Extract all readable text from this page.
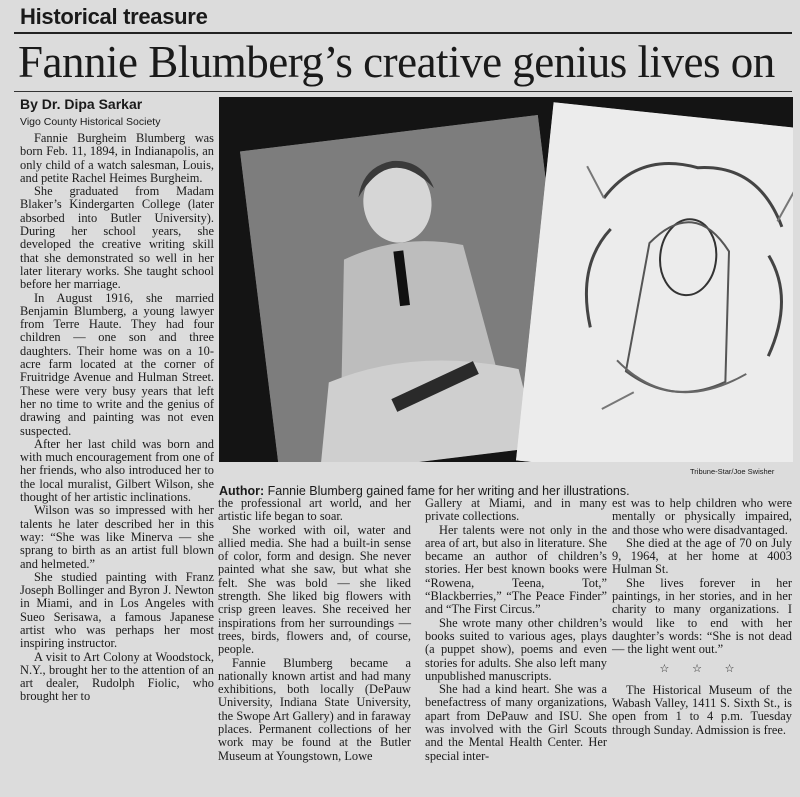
Historical treasure
Fannie Blumberg’s creative genius lives on
By Dr. Dipa Sarkar
Vigo County Historical Society

Fannie Burgheim Blumberg was born Feb. 11, 1894, in Indianapolis, an only child of a watch salesman, Louis, and petite Rachel Heimes Burgheim.

She graduated from Madam Blaker’s Kindergarten College (later absorbed into Butler University). During her school years, she developed the creative writing skill that she demonstrated so well in her later literary works. She taught school before her marriage.

In August 1916, she married Benjamin Blumberg, a young lawyer from Terre Haute. They had four children — one son and three daughters. Their home was on a 10-acre farm located at the corner of Fruitridge Avenue and Hulman Street. These were very busy years that left her no time to write and the genius of drawing and painting was not even suspected.

After her last child was born and with much encouragement from one of her friends, who also introduced her to the local muralist, Gilbert Wilson, she thought of her artistic inclinations.

Wilson was so impressed with her talents he later described her in this way: “She was like Minerva — she sprang to birth as an artist full blown and helmeted.”

She studied painting with Franz Joseph Bollinger and Byron J. Newton in Miami, and in Los Angeles with Sueo Serisawa, a famous Japanese artist who was perhaps her most inspiring instructor.

A visit to Art Colony at Woodstock, N.Y., brought her to the attention of an art dealer, Rudolph Fiolic, who brought her to

Tribune-Star/Joe Swisher
Author: Fannie Blumberg gained fame for her writing and her illustrations.

the professional art world, and her artistic life began to soar.

She worked with oil, water and allied media. She had a built-in sense of color, form and design. She never painted what she saw, but what she felt. She was bold — she liked strength. She liked big flowers with crisp green leaves. She received her inspirations from her surroundings — trees, birds, flowers and, of course, people.

Fannie Blumberg became a nationally known artist and had many exhibitions, both locally (DePauw University, Indiana State University, the Swope Art Gallery) and in faraway places. Permanent collections of her work may be found at the Butler Museum at Youngstown, Lowe

Gallery at Miami, and in many private collections.

Her talents were not only in the area of art, but also in literature. She became an author of children’s stories. Her best known books were “Rowena, Teena, Tot,” “Blackberries,” “The Peace Finder” and “The First Circus.”

She wrote many other children’s books suited to various ages, plays (a puppet show), poems and even stories for adults. She also left many unpublished manuscripts.

She had a kind heart. She was a benefactress of many organizations, apart from DePauw and ISU. She was involved with the Girl Scouts and the Mental Health Center. Her special inter-

est was to help children who were mentally or physically impaired, and those who were disadvantaged.

She died at the age of 70 on July 9, 1964, at her home at 4003 Hulman St.

She lives forever in her paintings, in her stories, and in her charity to many organizations. I would like to end with her daughter’s words: “She is not dead — the light went out.”

☆ ☆ ☆

The Historical Museum of the Wabash Valley, 1411 S. Sixth St., is open from 1 to 4 p.m. Tuesday through Sunday. Admission is free.
